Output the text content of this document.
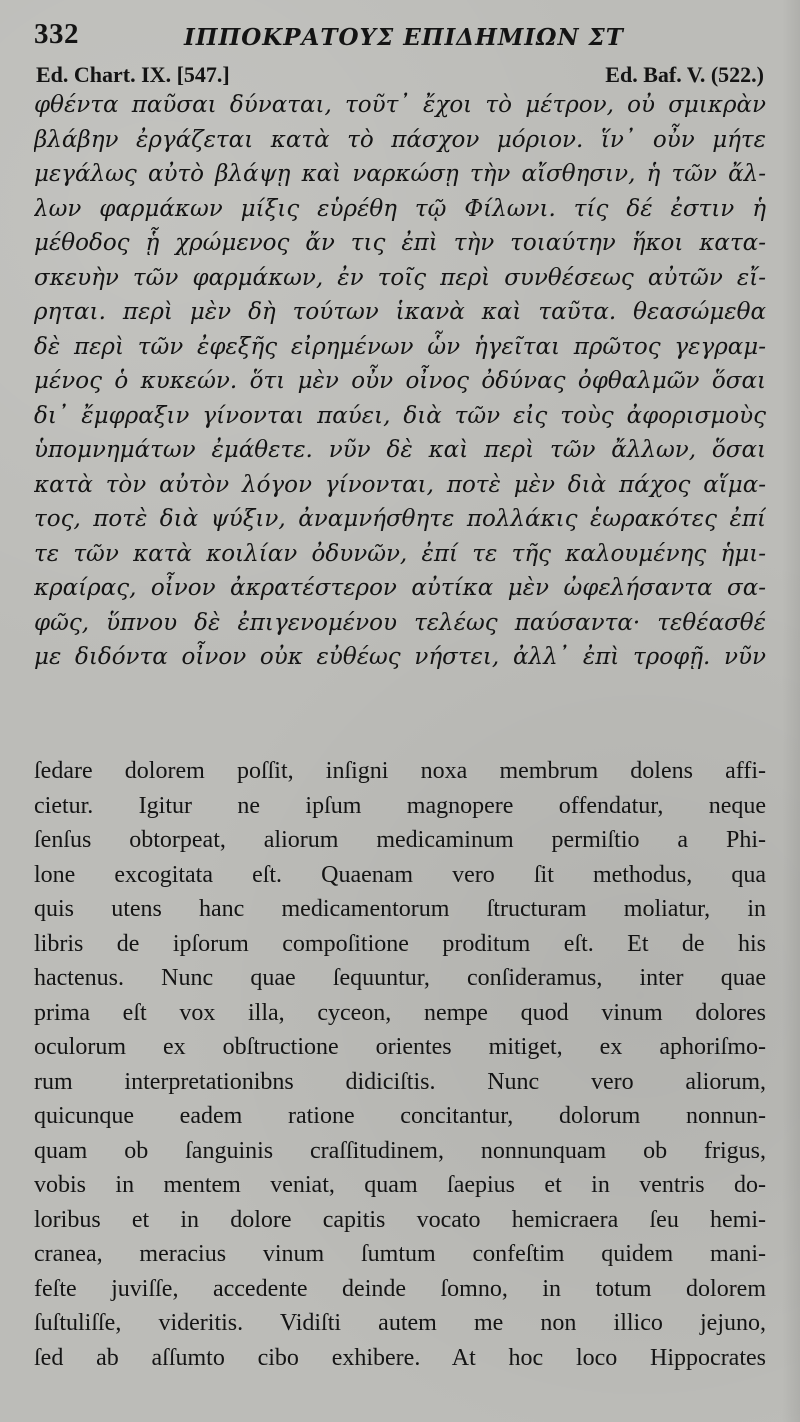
332	ΙΠΠΟΚΡΑΤΟΥΣ ΕΠΙΔΗΜΙΩΝ ΣΤ
Ed. Chart. IX. [547.]	Ed. Baf. V. (522.)
φθέντα παῦσαι δύναται, τοῦτ᾽ ἔχοι τὸ μέτρον, οὐ σμικρὰν
βλάβην ἐργάζεται κατὰ τὸ πάσχον μόριον. ἵν᾽ οὖν μήτε
μεγάλως αὐτὸ βλάψῃ καὶ ναρκώσῃ τὴν αἴσθησιν, ἡ τῶν ἄλ-
λων φαρμάκων μίξις εὑρέθη τῷ Φίλωνι. τίς δέ ἐστιν ἡ
μέθοδος ᾗ χρώμενος ἄν τις ἐπὶ τὴν τοιαύτην ἥκοι κατα-
σκευὴν τῶν φαρμάκων, ἐν τοῖς περὶ συνθέσεως αὐτῶν εἴ-
ρηται. περὶ μὲν δὴ τούτων ἱκανὰ καὶ ταῦτα. θεασώμεθα
δὲ περὶ τῶν ἐφεξῆς εἰρημένων ὧν ἡγεῖται πρῶτος γεγραμ-
μένος ὁ κυκεών. ὅτι μὲν οὖν οἶνος ὀδύνας ὀφθαλμῶν ὅσαι
δι᾽ ἔμφραξιν γίνονται παύει, διὰ τῶν εἰς τοὺς ἀφορισμοὺς
ὑπομνημάτων ἐμάθετε. νῦν δὲ καὶ περὶ τῶν ἄλλων, ὅσαι
κατὰ τὸν αὐτὸν λόγον γίνονται, ποτὲ μὲν διὰ πάχος αἵμα-
τος, ποτὲ διὰ ψύξιν, ἀναμνήσθητε πολλάκις ἑωρακότες ἐπί
τε τῶν κατὰ κοιλίαν ὀδυνῶν, ἐπί τε τῆς καλουμένης ἡμι-
κραίρας, οἶνον ἀκρατέστερον αὐτίκα μὲν ὠφελήσαντα σα-
φῶς, ὕπνου δὲ ἐπιγενομένου τελέως παύσαντα· τεθέασθέ
με διδόντα οἶνον οὐκ εὐθέως νήστει, ἀλλ᾽ ἐπὶ τροφῇ. νῦν
ſedare dolorem poſſit, inſigni noxa membrum dolens affi-
cietur. Igitur ne ipſum magnopere offendatur, neque
ſenſus obtorpeat, aliorum medicaminum permiſtio a Phi-
lone excogitata eſt. Quaenam vero ſit methodus, qua
quis utens hanc medicamentorum ſtructuram moliatur, in
libris de ipſorum compoſitione proditum eſt. Et de his
hactenus. Nunc quae ſequuntur, conſideramus, inter quae
prima eſt vox illa, cyceon, nempe quod vinum dolores
oculorum ex obſtructione orientes mitiget, ex aphoriſmo-
rum interpretationibns didiciſtis. Nunc vero aliorum,
quicunque eadem ratione concitantur, dolorum nonnun-
quam ob ſanguinis craſſitudinem, nonnunquam ob frigus,
vobis in mentem veniat, quam ſaepius et in ventris do-
loribus et in dolore capitis vocato hemicraera ſeu hemi-
cranea, meracius vinum ſumtum confeſtim quidem mani-
feſte juviſſe, accedente deinde ſomno, in totum dolorem
ſuſtuliſſe, videritis. Vidiſti autem me non illico jejuno,
ſed ab aſſumto cibo exhibere. At hoc loco Hippocrates
